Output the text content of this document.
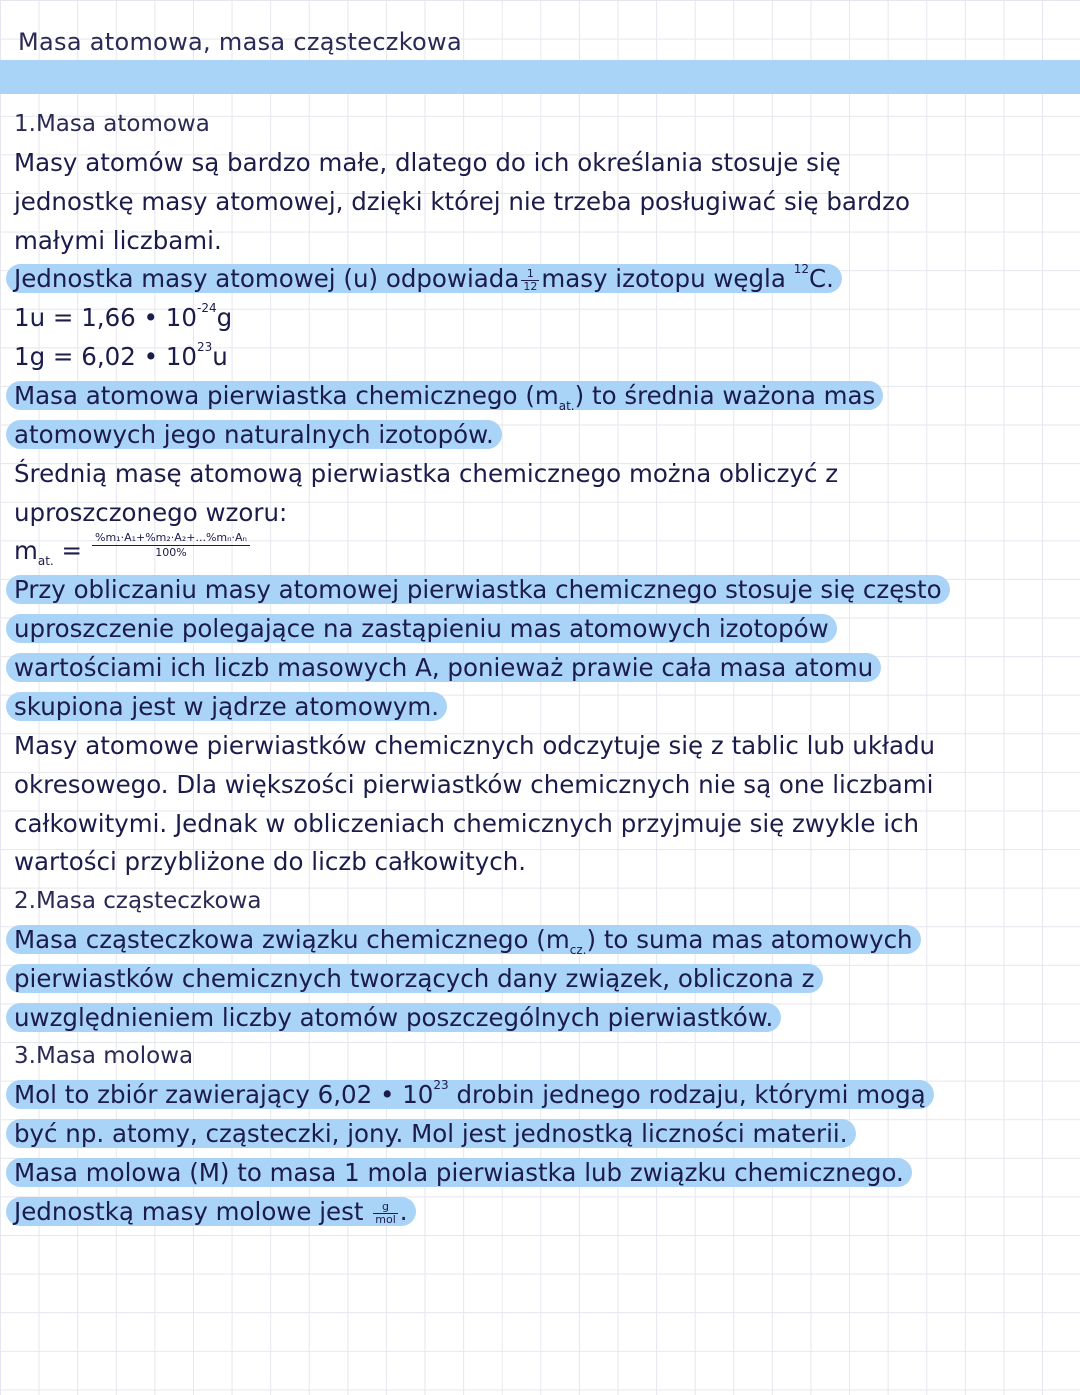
Masa atomowa, masa cząsteczkowa
1.Masa atomowa
Masy atomów są bardzo małe, dlatego do ich określania stosuje się
jednostkę masy atomowej, dzięki której nie trzeba posługiwać się bardzo
małymi liczbami.
Jednostka masy atomowej (u) odpowiada $\frac{1}{12}$ masy izotopu węgla $^{12}$C.
1u = 1,66 • $10^{-24}g$
1g = 6,02 • $10^{23}u$
Masa atomowa pierwiastka chemicznego $(m_{at.})$ to średnia ważona mas
atomowych jego naturalnych izotopów.
Średnią masę atomową pierwiastka chemicznego można obliczyć z
uproszczonego wzoru:
$m_{at.} = \frac{\text{\%m₁·A₁+\%m₂·A₂+...\%mₙ·Aₙ}}{100\%}$
Przy obliczaniu masy atomowej pierwiastka chemicznego stosuje się często
uproszczenie polegające na zastąpieniu mas atomowych izotopów
wartościami ich liczb masowych A, ponieważ prawie cała masa atomu
skupiona jest w jądrze atomowym.
Masy atomowe pierwiastków chemicznych odczytuje się z tablic lub układu
okresowego. Dla większości pierwiastków chemicznych nie są one liczbami
całkowitymi. Jednak w obliczeniach chemicznych przyjmuje się zwykle ich
wartości przybliżone do liczb całkowitych.
2.Masa cząsteczkowa
Masa cząsteczkowa związku chemicznego $(m_{cz.})$ to suma mas atomowych
pierwiastków chemicznych tworzących dany związek, obliczona z
uwzględnieniem liczby atomów poszczególnych pierwiastków.
3.Masa molowa
Mol to zbiór zawierający 6,02 • $10^{23}$ drobin jednego rodzaju, którymi mogą
być np. atomy, cząsteczki, jony. Mol jest jednostką liczności materii.
Masa molowa (M) to masa 1 mola pierwiastka lub związku chemicznego.
Jednostką masy molowe jest $\frac{g}{\text{mol}}$ .
